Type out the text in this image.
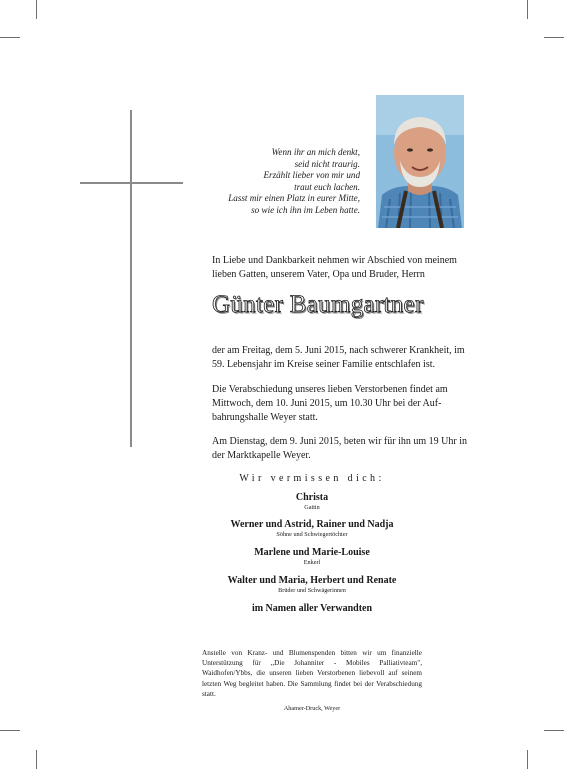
Wenn ihr an mich denkt,
seid nicht traurig.
Erzählt lieber von mir und
traut euch lachen.
Lasst mir einen Platz in eurer Mitte,
so wie ich ihn im Leben hatte.
In Liebe und Dankbarkeit nehmen wir Abschied von meinem
lieben Gatten, unserem Vater, Opa und Bruder, Herrn
Günter Baumgartner
der am Freitag, dem 5. Juni 2015, nach schwerer Krankheit, im
59. Lebensjahr im Kreise seiner Familie entschlafen ist.
Die Verabschiedung unseres lieben Verstorbenen findet am
Mittwoch, dem 10. Juni 2015, um 10.30 Uhr bei der Auf-
bahrungshalle Weyer statt.
Am Dienstag, dem 9. Juni 2015, beten wir für ihn um 19 Uhr in
der Marktkapelle Weyer.
Wir vermissen dich:
Christa
Gattin
Werner und Astrid, Rainer und Nadja
Söhne und Schwiegertöchter
Marlene und Marie-Louise
Enkerl
Walter und Maria, Herbert und Renate
Brüder und Schwägerinnen
im Namen aller Verwandten
Anstelle von Kranz- und Blumenspenden bitten wir um finanzielle
Unterstützung für ,,Die Johanniter - Mobiles Palliativteam",
Waidhofen/Ybbs, die unseren lieben Verstorbenen liebevoll auf seinem
letzten Weg begleitet haben. Die Sammlung findet bei der Verabschiedung
statt.
Ahamer-Druck, Weyer
